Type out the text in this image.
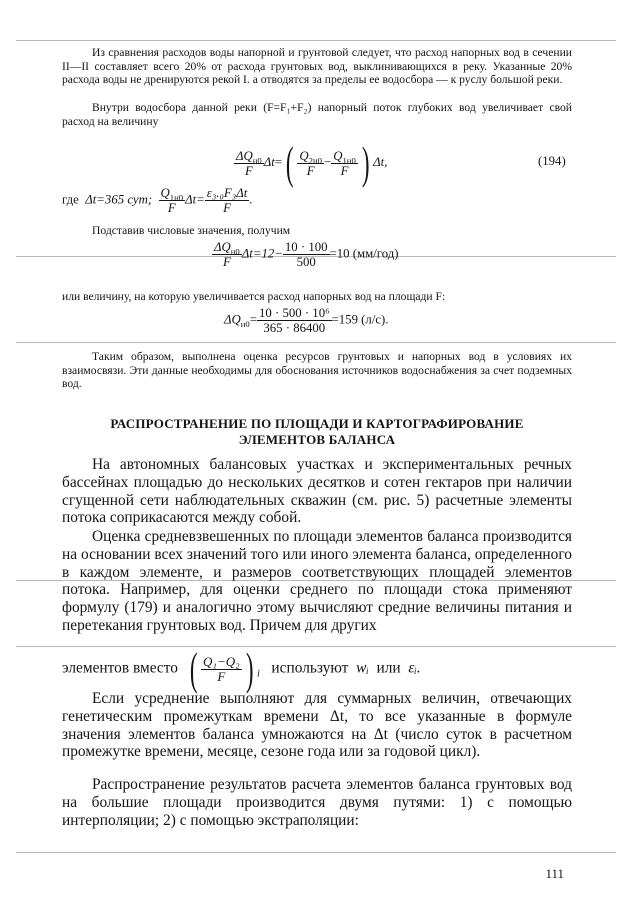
Из сравнения расходов воды напорной и грунтовой следует, что расход напорных вод в сечении II—II составляет всего 20% от расхода грунтовых вод, выклинивающихся в реку. Указанные 20% расхода воды не дренируются рекой I. а отводятся за пределы ее водосбора — к руслу большой реки.
Внутри водосбора данной реки (F=F₁+F₂) напорный поток глубоких вод увеличивает свой расход на величину
$\frac{\Delta Q_{н0}}{F} \Delta t=( \frac{Q_{2н0}}{F} - \frac{Q_{1н0}}{F}$ ) Δt,	(194)
где Δt=365 сут; $\frac{Q_{1н0}}{F} \Delta t= \frac{\text{ε₃.₀F₃Δt}}{F}$ .
Подставив числовые значения, получим
$\frac{\Delta Q_{н0}}{F} \Delta t=12- \frac{10 \cdot 100}{500} =10$ (мм/год)
или величину, на которую увеличивается расход напорных вод на площади F:
$\Delta Q_{н0}= \frac{\text{10 · 500 · 10⁶}}{365 \cdot 86400} =159$ (л/с).
Таким образом, выполнена оценка ресурсов грунтовых и напорных вод в условиях их взаимосвязи. Эти данные необходимы для обоснования источников водоснабжения за счет подземных вод.
РАСПРОСТРАНЕНИЕ ПО ПЛОЩАДИ И КАРТОГРАФИРОВАНИЕ
ЭЛЕМЕНТОВ БАЛАНСА
На автономных балансовых участках и экспериментальных речных бассейнах площадью до нескольких десятков и сотен гектаров при наличии сгущенной сети наблюдательных скважин (см. рис. 5) расчетные элементы потока соприкасаются между собой.
Оценка средневзвешенных по площади элементов баланса производится на основании всех значений того или иного элемента баланса, определенного в каждом элементе, и размеров соответствующих площадей элементов потока. Например, для оценки среднего по площади стока применяют формулу (179) и аналогично этому вычисляют средние величины питания и перетекания грунтовых вод. Причем для других
элементов вместо ( $\frac{\text{Q₁−Q₂}}{F}$ ) $_i$ используют wᵢ или εᵢ.
Если усреднение выполняют для суммарных величин, отвечающих генетическим промежуткам времени Δt, то все указанные в формуле значения элементов баланса умножаются на Δt (число суток в расчетном промежутке времени, месяце, сезоне года или за годовой цикл).
Распространение результатов расчета элементов баланса грунтовых вод на большие площади производится двумя путями: 1) с помощью интерполяции; 2) с помощью экстраполяции:
111
